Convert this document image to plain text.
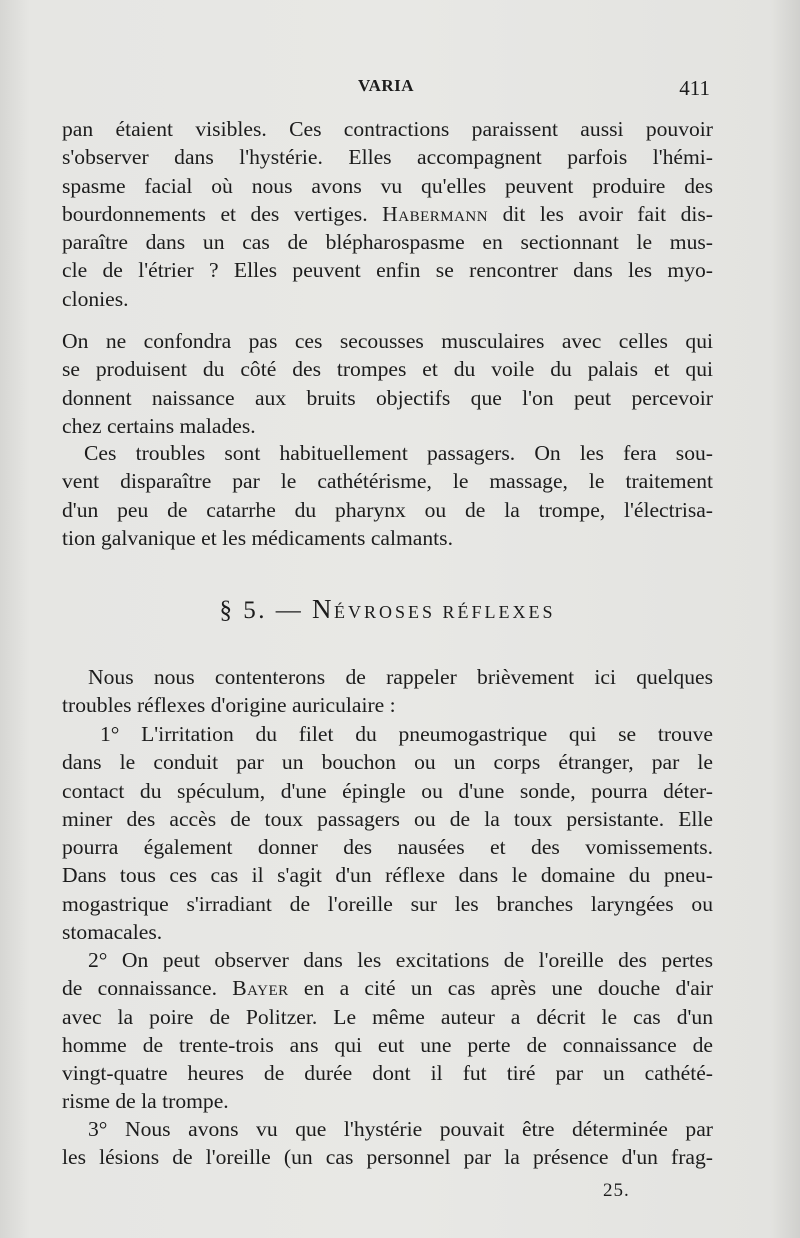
VARIA	411
pan étaient visibles. Ces contractions paraissent aussi pouvoir
s'observer dans l'hystérie. Elles accompagnent parfois l'hémi-
spasme facial où nous avons vu qu'elles peuvent produire des
bourdonnements et des vertiges. Habermann dit les avoir fait dis-
paraître dans un cas de blépharospasme en sectionnant le mus-
cle de l'étrier ? Elles peuvent enfin se rencontrer dans les myo-
clonies.
On ne confondra pas ces secousses musculaires avec celles qui
se produisent du côté des trompes et du voile du palais et qui
donnent naissance aux bruits objectifs que l'on peut percevoir
chez certains malades.
Ces troubles sont habituellement passagers. On les fera sou-
vent disparaître par le cathétérisme, le massage, le traitement
d'un peu de catarrhe du pharynx ou de la trompe, l'électrisa-
tion galvanique et les médicaments calmants.
§ 5. — NÉVROSES RÉFLEXES
Nous nous contenterons de rappeler brièvement ici quelques
troubles réflexes d'origine auriculaire :
1° L'irritation du filet du pneumogastrique qui se trouve
dans le conduit par un bouchon ou un corps étranger, par le
contact du spéculum, d'une épingle ou d'une sonde, pourra déter-
miner des accès de toux passagers ou de la toux persistante. Elle
pourra également donner des nausées et des vomissements.
Dans tous ces cas il s'agit d'un réflexe dans le domaine du pneu-
mogastrique s'irradiant de l'oreille sur les branches laryngées ou
stomacales.
2° On peut observer dans les excitations de l'oreille des pertes
de connaissance. Bayer en a cité un cas après une douche d'air
avec la poire de Politzer. Le même auteur a décrit le cas d'un
homme de trente-trois ans qui eut une perte de connaissance de
vingt-quatre heures de durée dont il fut tiré par un cathété-
risme de la trompe.
3° Nous avons vu que l'hystérie pouvait être déterminée par
les lésions de l'oreille (un cas personnel par la présence d'un frag-
25.
